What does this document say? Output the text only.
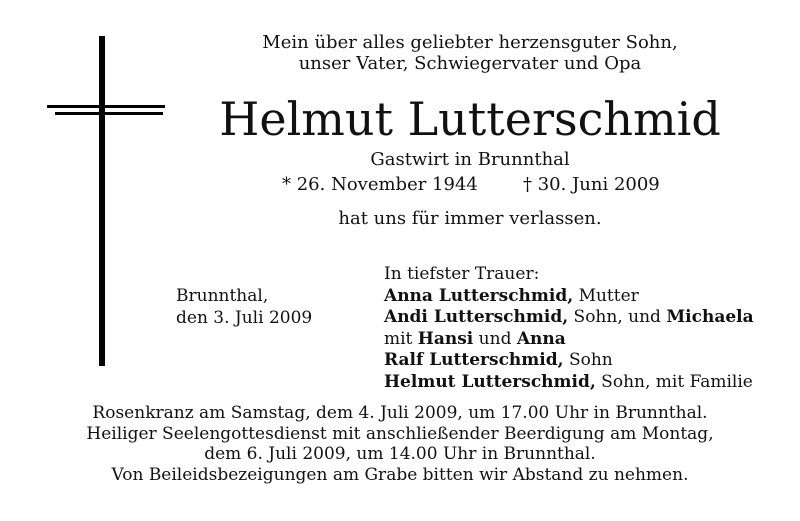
Mein über alles geliebter herzensguter Sohn,
unser Vater, Schwiegervater und Opa
Helmut Lutterschmid
Gastwirt in Brunnthal
* 26. November 1944	† 30. Juni 2009
hat uns für immer verlassen.
Brunnthal,
den 3. Juli 2009
In tiefster Trauer:
Anna Lutterschmid, Mutter
Andi Lutterschmid, Sohn, und Michaela
mit Hansi und Anna
Ralf Lutterschmid, Sohn
Helmut Lutterschmid, Sohn, mit Familie
Rosenkranz am Samstag, dem 4. Juli 2009, um 17.00 Uhr in Brunnthal.
Heiliger Seelengottesdienst mit anschließender Beerdigung am Montag,
dem 6. Juli 2009, um 14.00 Uhr in Brunnthal.
Von Beileidsbezeigungen am Grabe bitten wir Abstand zu nehmen.
